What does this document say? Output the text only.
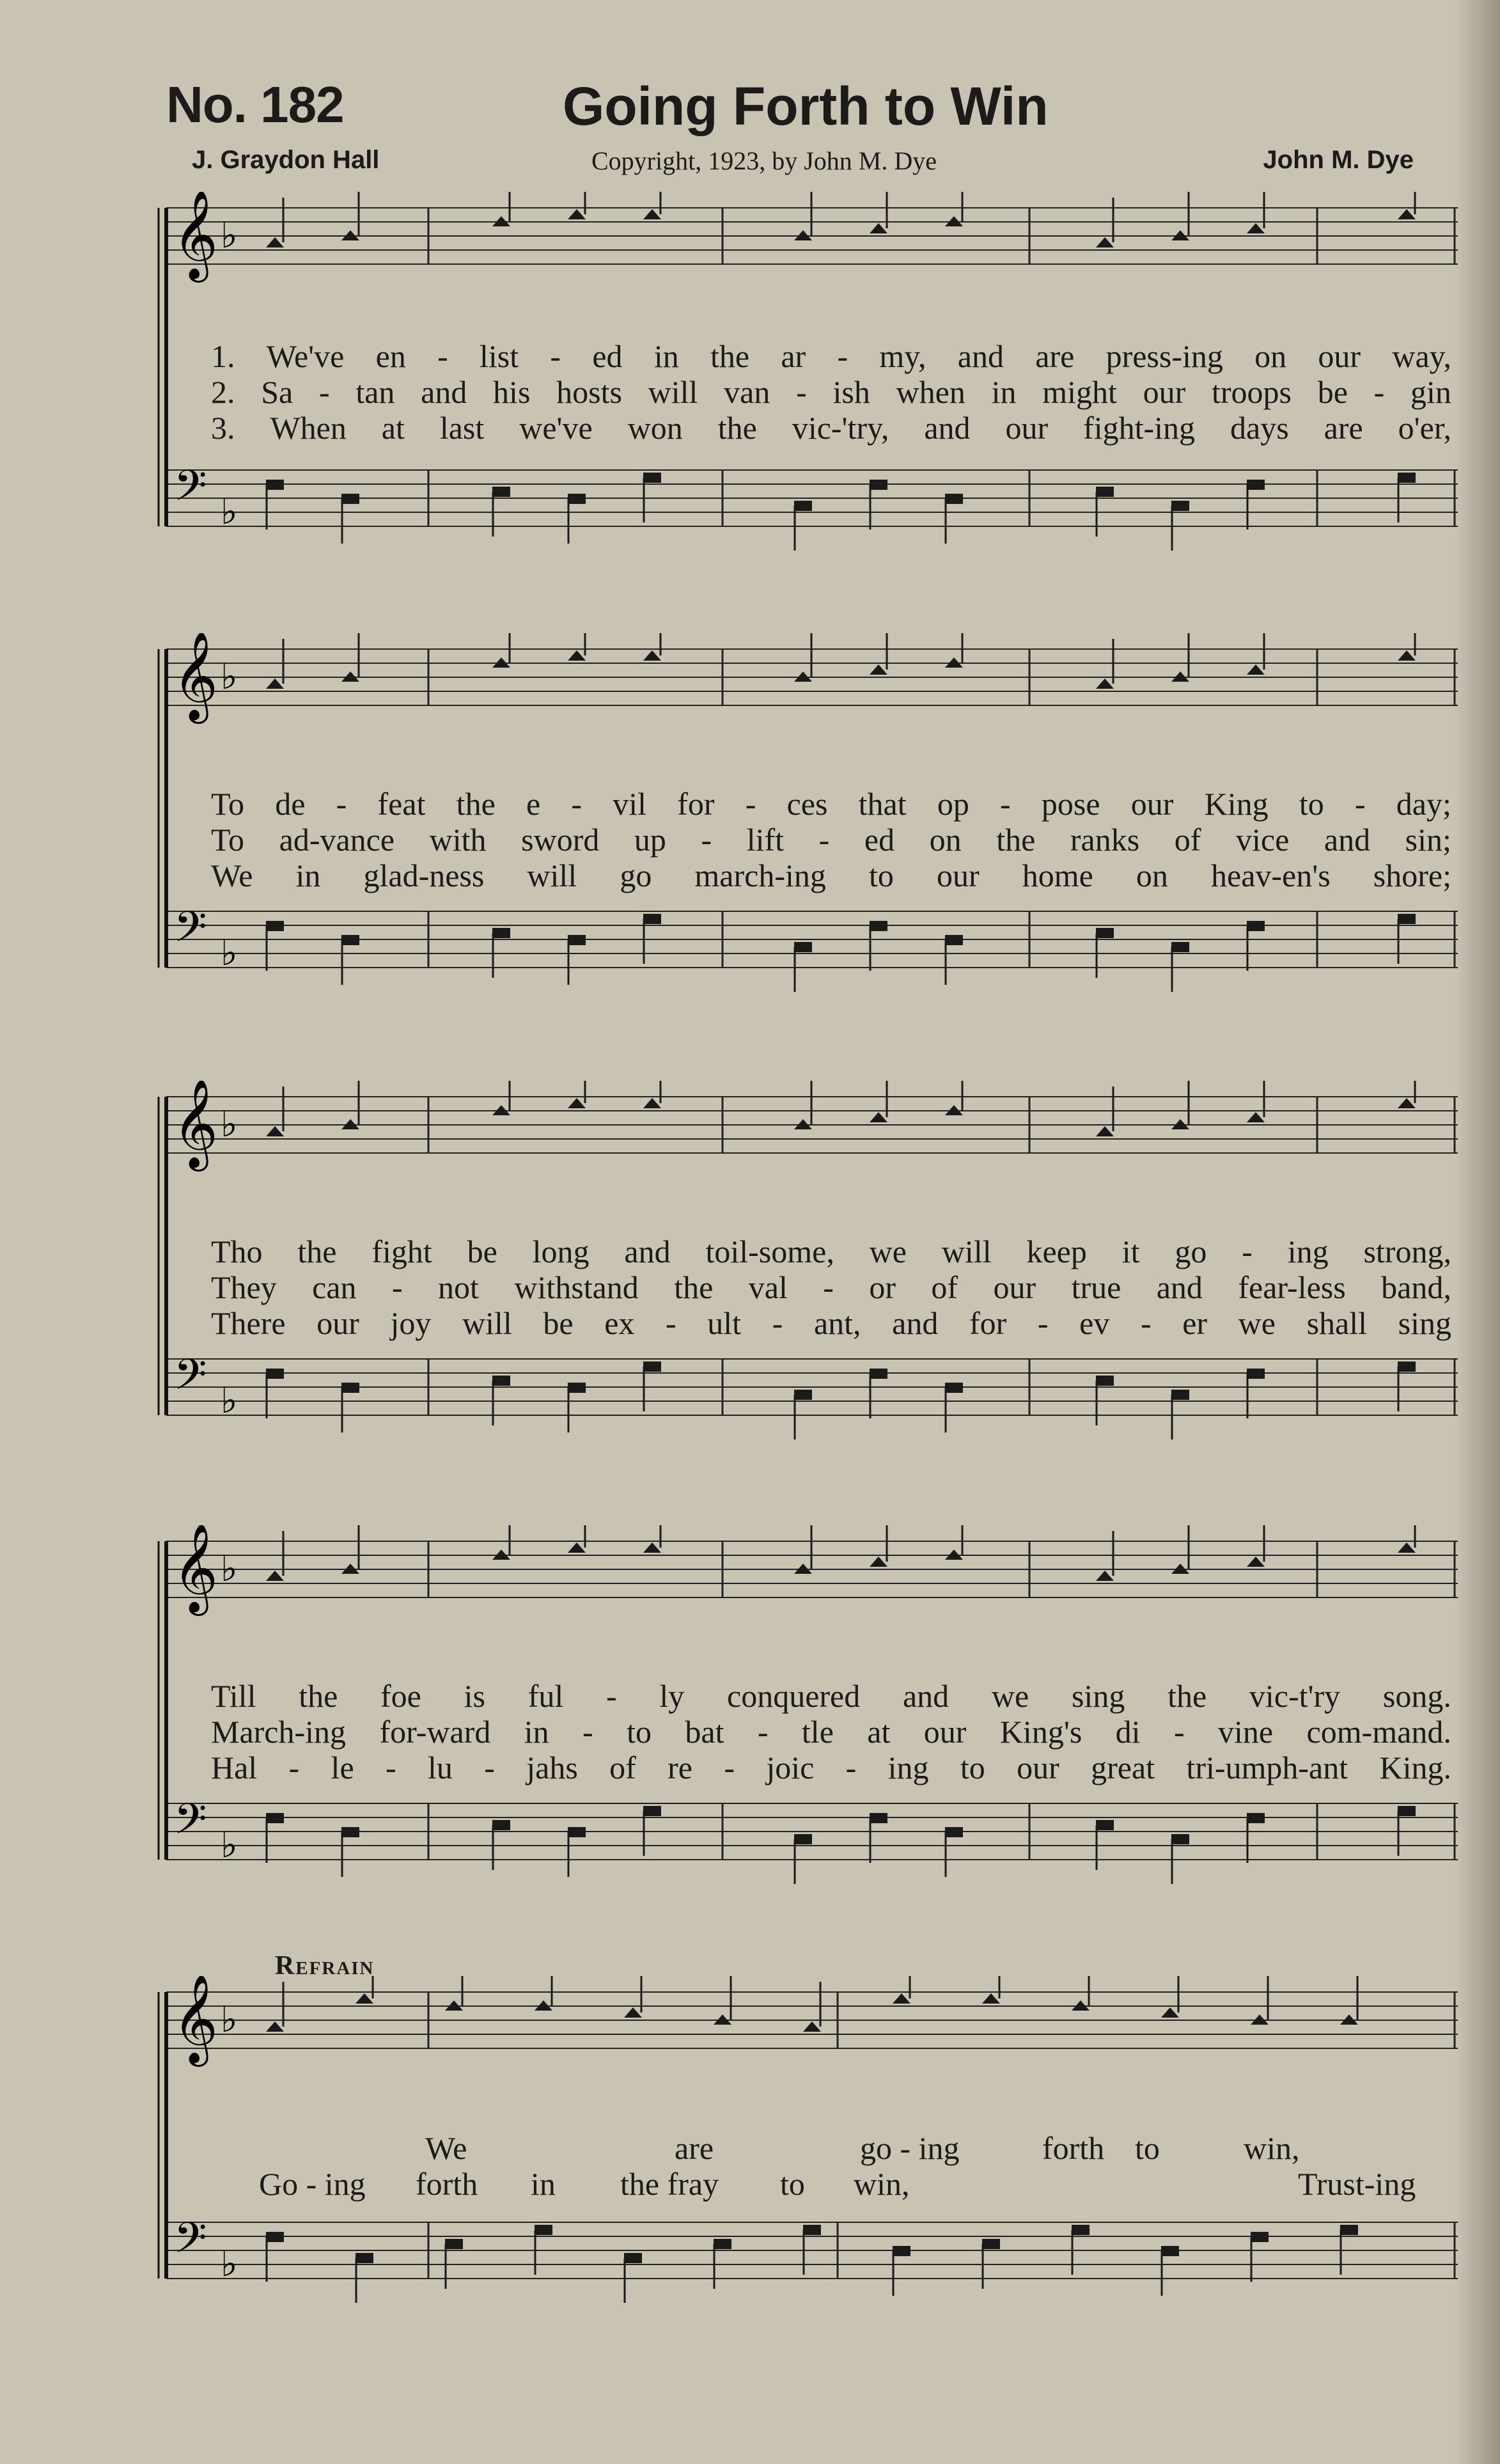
No. 182	Going Forth to Win
J. Graydon Hall	Copyright, 1923, by John M. Dye	John M. Dye
𝄞
𝄢
♭
♭
1. We've en - list - ed in the ar - my, and are press-ing on our way,
2. Sa - tan and his hosts will van - ish when in might our troops be - gin
3. When at last we've won the vic-'try, and our fight-ing days are o'er,
𝄞
𝄢
♭
♭
To de - feat the e - vil for - ces that op - pose our King to - day;
To ad-vance with sword up - lift - ed on the ranks of vice and sin;
We in glad-ness will go march-ing to our home on heav-en's shore;
𝄞
𝄢
♭
♭
Tho the fight be long and toil-some, we will keep it go - ing strong,
They can - not withstand the val - or of our true and fear-less band,
There our joy will be ex - ult - ant, and for - ev - er we shall sing
𝄞
𝄢
♭
♭
Till the foe is ful - ly conquered and we sing the vic-t'ry song.
March-ing for-ward in - to bat - tle at our King's di - vine com-mand.
Hal - le - lu - jahs of re - joic - ing to our great tri-umph-ant King.
Refrain
𝄞
𝄢
♭
♭
We	are	go - ing	forth to	win,
Go - ing forth in the fray to win,	Trust-ing
